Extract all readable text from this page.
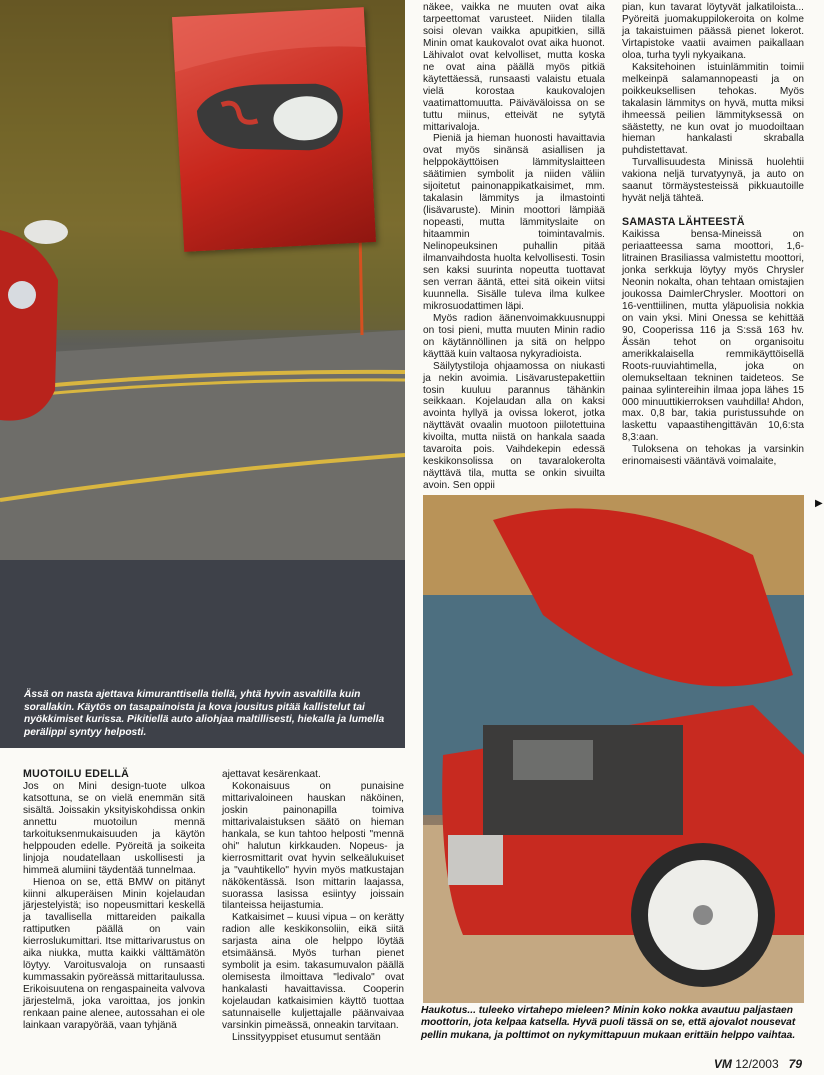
Ässä on nasta ajettava kimuranttisella tiellä, yhtä hyvin asvaltilla kuin sorallakin. Käytös on tasapainoista ja kova jousitus pitää kallistelut tai nyökkimiset kurissa. Pikitiellä auto aliohjaa maltillisesti, hiekalla ja lumella perälippi syntyy helposti.

MUOTOILU EDELLÄ

Jos on Mini design-tuote ulkoa katsottuna, se on vielä enemmän sitä sisältä. Joissakin yksityiskohdissa onkin annettu muotoilun mennä tarkoituksenmukaisuuden ja käytön helppouden edelle. Pyöreitä ja soikeita linjoja noudatellaan uskollisesti ja himmeä alumiini täydentää tunnelmaa.

Hienoa on se, että BMW on pitänyt kiinni alkuperäisen Minin kojelaudan järjestelyistä; iso nopeusmittari keskellä ja tavallisella mittareiden paikalla rattiputken päällä on vain kierroslukumittari. Itse mittarivarustus on aika niukka, mutta kaikki välttämätön löytyy. Varoitusvaloja on runsaasti kummassakin pyöreässä mittaritaulussa. Erikoisuutena on rengaspaineita valvova järjestelmä, joka varoittaa, jos jonkin renkaan paine alenee, autossahan ei ole lainkaan varapyörää, vaan tyhjänä

ajettavat kesärenkaat.

Kokonaisuus on punaisine mittarivaloineen hauskan näköinen, joskin painonapilla toimiva mittarivalaistuksen säätö on hieman hankala, se kun tahtoo helposti "mennä ohi" halutun kirkkauden. Nopeus- ja kierrosmittarit ovat hyvin selkeälukuiset ja "vauhtikello" hyvin myös matkustajan näkökentässä. Ison mittarin laajassa, suorassa lasissa esiintyy joissain tilanteissa heijastumia.

Katkaisimet – kuusi vipua – on kerätty radion alle keskikonsoliin, eikä siitä sarjasta aina ole helppo löytää etsimäänsä. Myös turhan pienet symbolit ja esim. takasumuvalon päällä olemisesta ilmoittava "ledivalo" ovat hankalasti havaittavissa. Cooperin kojelaudan katkaisimien käyttö tuottaa satunnaiselle kuljettajalle päänvaivaa varsinkin pimeässä, onneakin tarvitaan.

Linssityyppiset etusumut sentään

näkee, vaikka ne muuten ovat aika tarpeettomat varusteet. Niiden tilalla soisi olevan vaikka apupitkien, sillä Minin omat kaukovalot ovat aika huonot. Lähivalot ovat kelvolliset, mutta koska ne ovat aina päällä myös pitkiä käytettäessä, runsaasti valaistu etuala vielä korostaa kaukovalojen vaatimattomuutta. Päiväväloissa on se tuttu miinus, etteivät ne sytytä mittarivaloja.

Pieniä ja hieman huonosti havaittavia ovat myös sinänsä asiallisen ja helppokäyttöisen lämmityslaitteen säätimien symbolit ja niiden väliin sijoitetut painonappikatkaisimet, mm. takalasin lämmitys ja ilmastointi (lisävaruste). Minin moottori lämpiää nopeasti, mutta lämmityslaite on hitaammin toimintavalmis. Nelinopeuksinen puhallin pitää ilmanvaihdosta huolta kelvollisesti. Tosin sen kaksi suurinta nopeutta tuottavat sen verran ääntä, ettei sitä oikein viitsi kuunnella. Sisälle tuleva ilma kulkee mikrosuodattimen läpi.

Myös radion äänenvoimakkuusnuppi on tosi pieni, mutta muuten Minin radio on käytännöllinen ja sitä on helppo käyttää kuin valtaosa nykyradioista.

Säilytystiloja ohjaamossa on niukasti ja nekin avoimia. Lisävarustepakettiin tosin kuuluu parannus tähänkin seikkaan. Kojelaudan alla on kaksi avointa hyllyä ja ovissa lokerot, jotka näyttävät ovaalin muotoon piilotettuina kivoilta, mutta niistä on hankala saada tavaroita pois. Vaihdekepin edessä keskikonsolissa on tavaralokerolta näyttävä tila, mutta se onkin sivuilta avoin. Sen oppii

pian, kun tavarat löytyvät jalkatiloista... Pyöreitä juomakuppilokeroita on kolme ja takaistuimen päässä pienet lokerot. Virtapistoke vaatii avaimen paikallaan oloa, turha tyyli nykyaikana.

Kaksitehoinen istuinlämmitin toimii melkeinpä salamannopeasti ja on poikkeuksellisen tehokas. Myös takalasin lämmitys on hyvä, mutta miksi ihmeessä peilien lämmityksessä on säästetty, ne kun ovat jo muodoiltaan hieman hankalasti skraballa puhdistettavat.

Turvallisuudesta Minissä huolehtii vakiona neljä turvatyynyä, ja auto on saanut törmäystesteissä pikkuautoille hyvät neljä tähteä.

SAMASTA LÄHTEESTÄ

Kaikissa bensa-Mineissä on periaatteessa sama moottori, 1,6-litrainen Brasiliassa valmistettu moottori, jonka serkkuja löytyy myös Chrysler Neonin nokalta, ohan tehtaan omistajien joukossa DaimlerChrysler. Moottori on 16-venttiilinen, mutta yläpuolisia nokkia on vain yksi. Mini Onessa se kehittää 90, Cooperissa 116 ja S:ssä 163 hv. Ässän tehot on organisoitu amerikkalaisella remmikäyttöisellä Roots-ruuviahtimella, joka on olemukseltaan tekninen taideteos. Se painaa sylintereihin ilmaa jopa lähes 15 000 minuuttikierroksen vauhdilla! Ahdon, max. 0,8 bar, takia puristussuhde on laskettu vapaastihengittävän 10,6:sta 8,3:aan.

Tuloksena on tehokas ja varsinkin erinomaisesti vääntävä voimalaite,

▶
Haukotus... tuleeko virtahepo mieleen? Minin koko nokka avautuu paljastaen moottorin, jota kelpaa katsella. Hyvä puoli tässä on se, että ajovalot nousevat pellin mukana, ja polttimot on nykymittapuun mukaan erittäin helppo vaihtaa.
VM 12/2003 79
